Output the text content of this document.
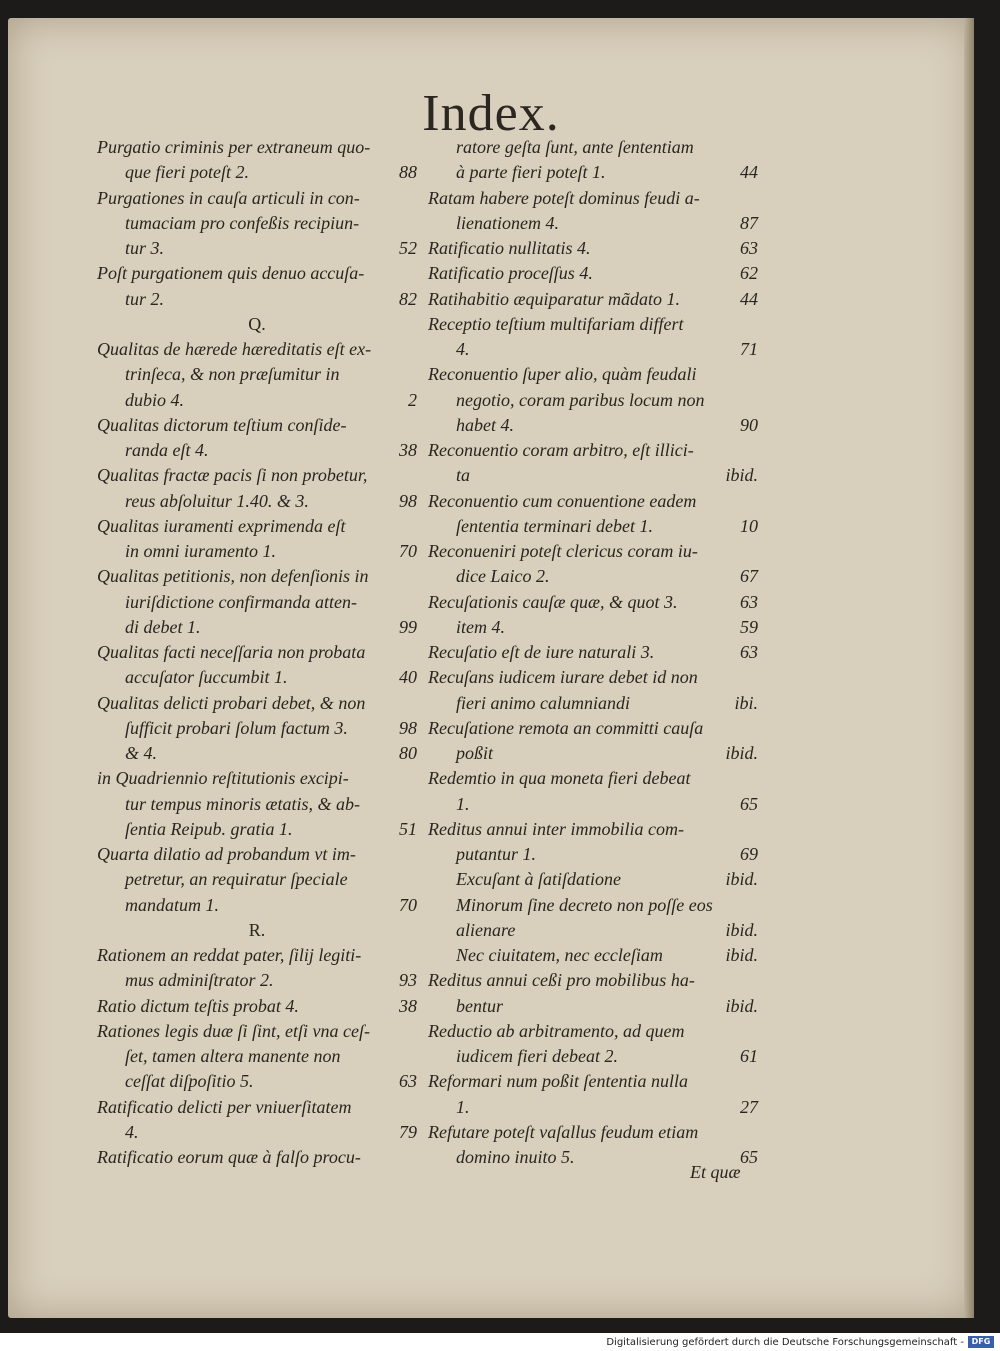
Index.
Purgatio criminis per extraneum quo-
que fieri poteſt 2.	88
Purgationes in cauſa articuli in con-
tumaciam pro confeßis recipiun-
tur 3.	52
Poſt purgationem quis denuo accuſa-
tur 2.	82
Q.
Qualitas de hærede hæreditatis eſt ex-
trinſeca, & non præſumitur in
dubio 4.	2
Qualitas dictorum teſtium conſide-
randa eſt 4.	38
Qualitas fractæ pacis ſi non probetur,
reus abſoluitur 1.40. & 3.	98
Qualitas iuramenti exprimenda eſt
in omni iuramento 1.	70
Qualitas petitionis, non defenſionis in
iuriſdictione confirmanda atten-
di debet 1.	99
Qualitas facti neceſſaria non probata
accuſator ſuccumbit 1.	40
Qualitas delicti probari debet, & non
ſufficit probari ſolum factum 3.	98
& 4.	80
in Quadriennio reſtitutionis excipi-
tur tempus minoris ætatis, & ab-
ſentia Reipub. gratia 1.	51
Quarta dilatio ad probandum vt im-
petretur, an requiratur ſpeciale
mandatum 1.	70
R.
Rationem an reddat pater, ſilij legiti-
mus adminiſtrator 2.	93
Ratio dictum teſtis probat 4.	38
Rationes legis duæ ſi ſint, etſi vna ceſ-
ſet, tamen altera manente non
ceſſat diſpoſitio 5.	63
Ratificatio delicti per vniuerſitatem
4.	79
Ratificatio eorum quæ à falſo procu-
ratore geſta ſunt, ante ſententiam
à parte fieri poteſt 1.	44
Ratam habere poteſt dominus feudi a-
lienationem 4.	87
Ratificatio nullitatis 4.	63
Ratificatio proceſſus 4.	62
Ratihabitio æquiparatur mãdato 1.	44
Receptio teſtium multifariam differt
4.	71
Reconuentio ſuper alio, quàm feudali
negotio, coram paribus locum non
habet 4.	90
Reconuentio coram arbitro, eſt illici-
ta	ibid.
Reconuentio cum conuentione eadem
ſententia terminari debet 1.	10
Reconueniri poteſt clericus coram iu-
dice Laico 2.	67
Recuſationis cauſæ quæ, & quot 3.	63
item 4.	59
Recuſatio eſt de iure naturali 3.	63
Recuſans iudicem iurare debet id non
fieri animo calumniandi	ibi.
Recuſatione remota an committi cauſa
poßit	ibid.
Redemtio in qua moneta fieri debeat
1.	65
Reditus annui inter immobilia com-
putantur 1.	69
Excuſant à ſatiſdatione	ibid.
Minorum ſine decreto non poſſe eos
alienare	ibid.
Nec ciuitatem, nec eccleſiam	ibid.
Reditus annui ceßi pro mobilibus ha-
bentur	ibid.
Reductio ab arbitramento, ad quem
iudicem fieri debeat 2.	61
Reformari num poßit ſententia nulla
1.	27
Refutare poteſt vaſallus feudum etiam
domino inuito 5.	65
Et quæ
Digitalisierung gefördert durch die Deutsche Forschungsgemeinschaft - DFG
